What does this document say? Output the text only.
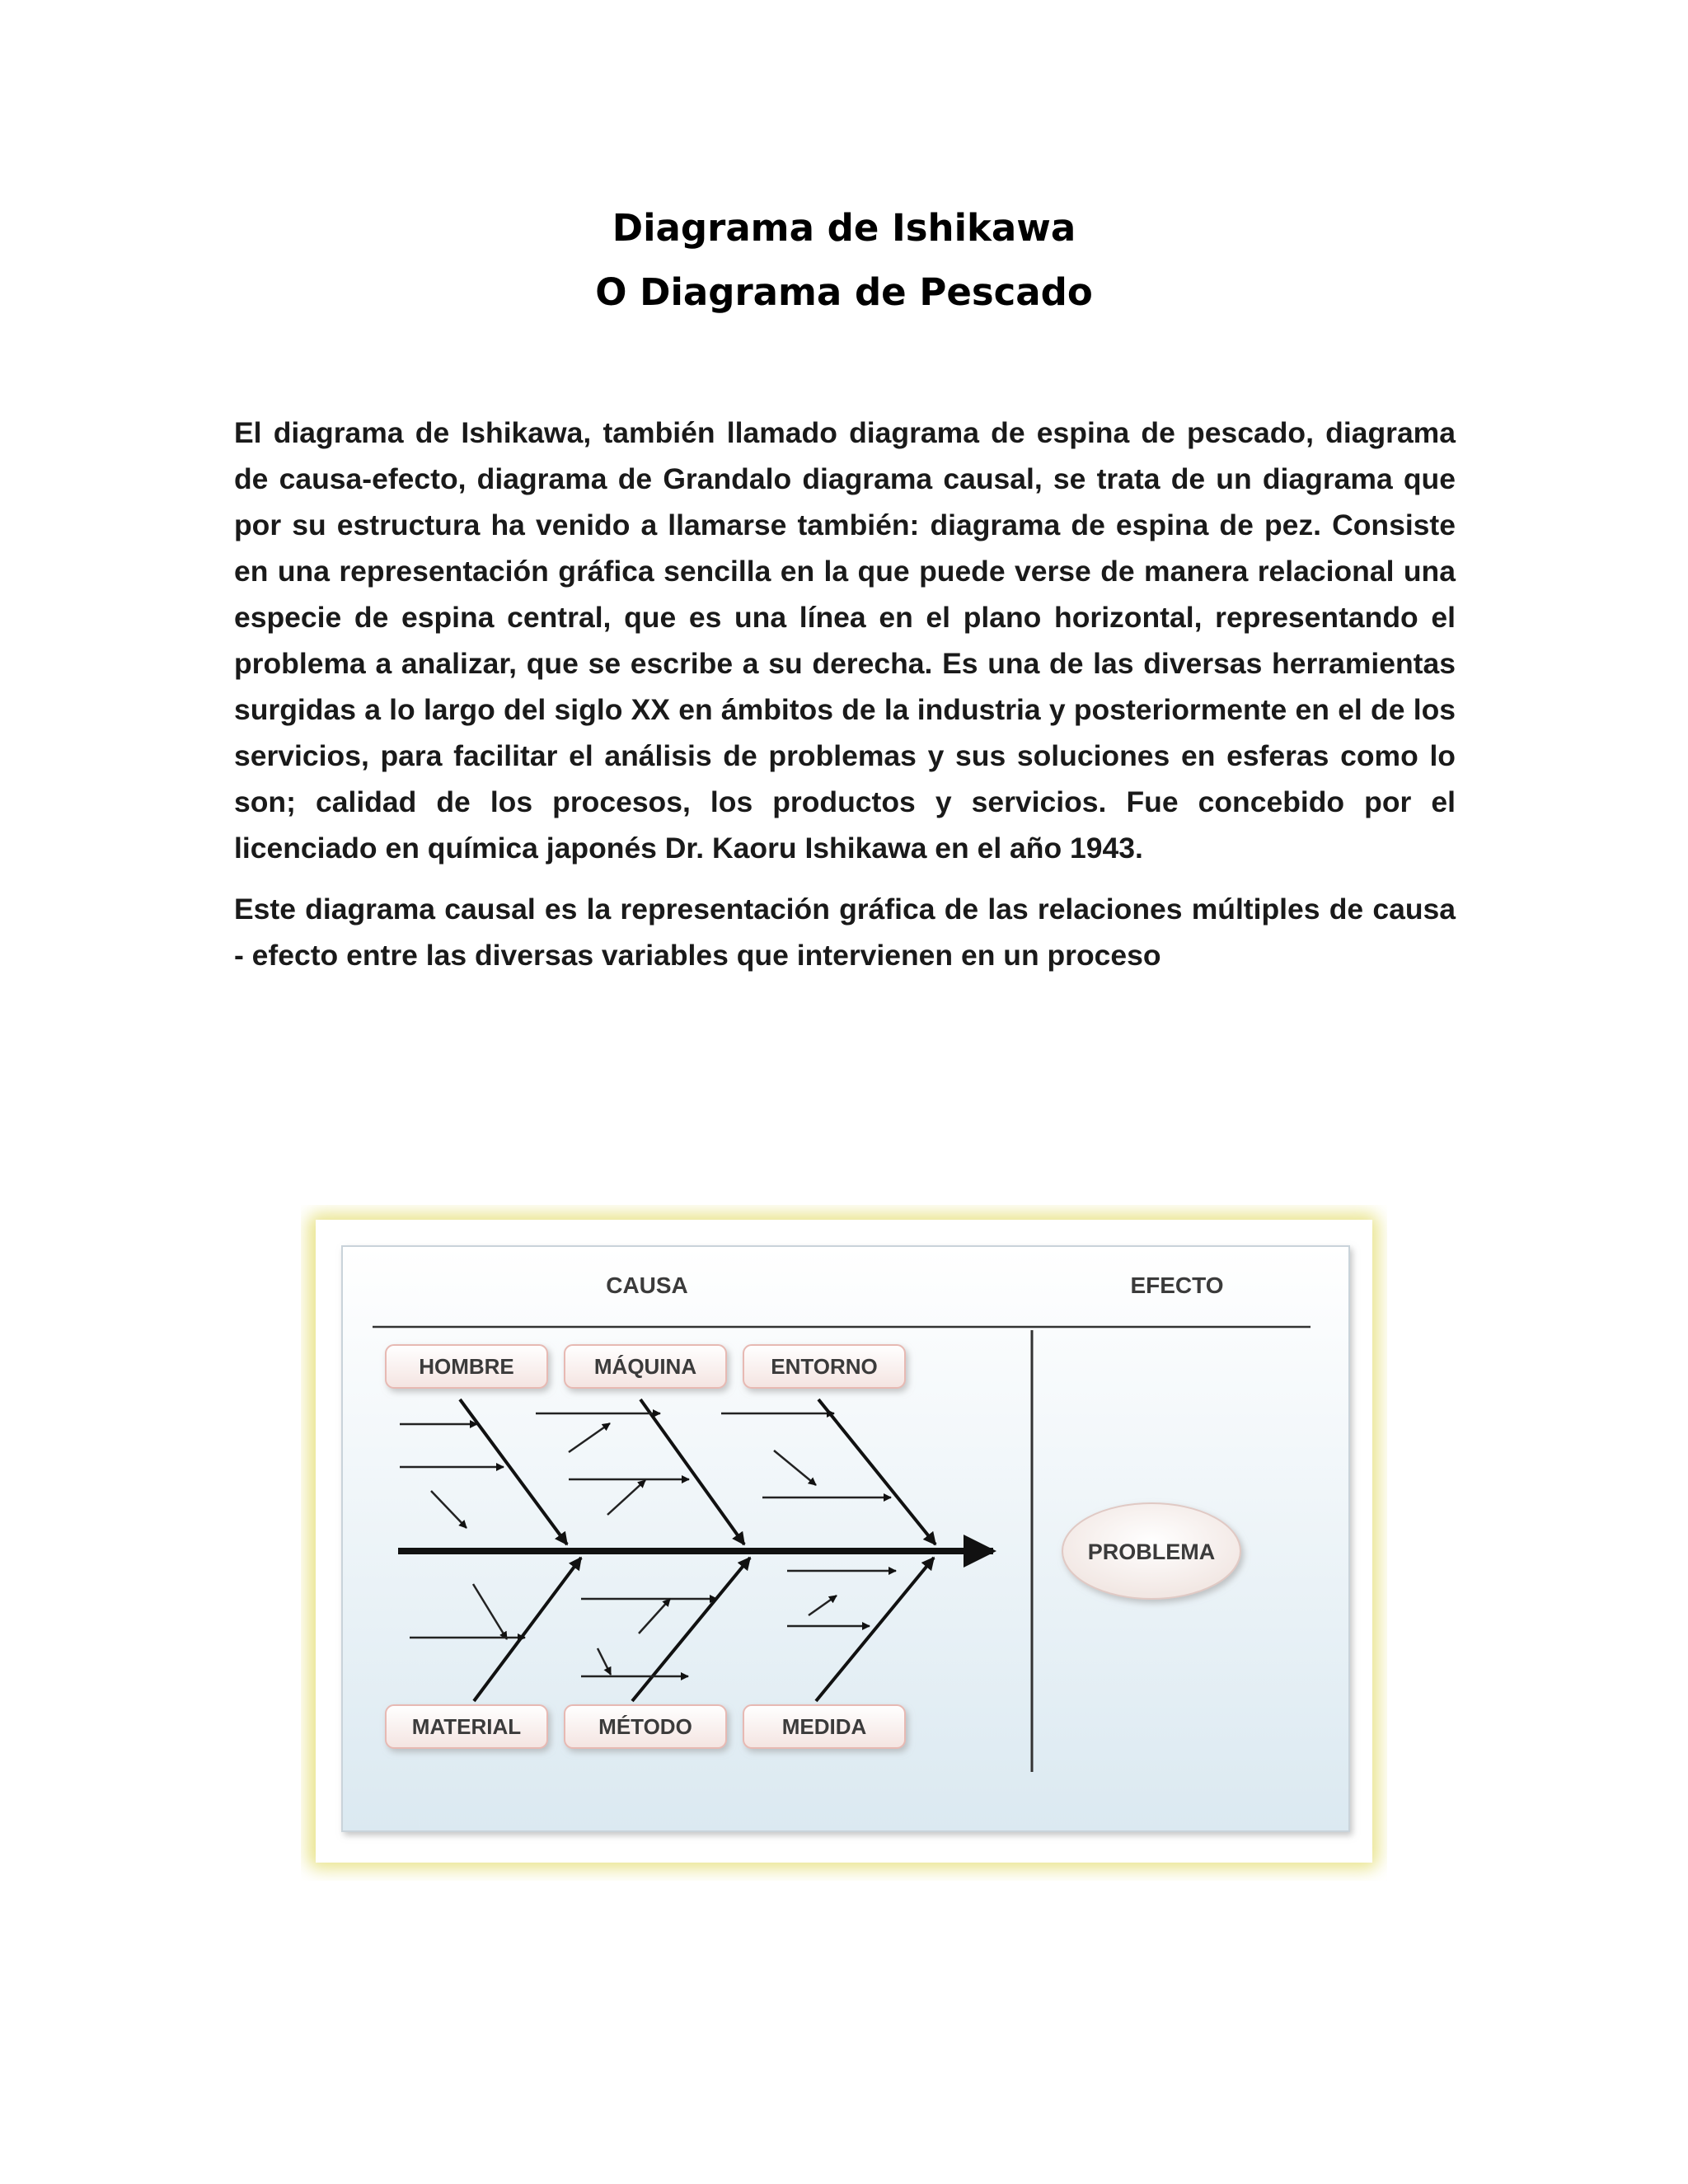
Diagrama de Ishikawa
O Diagrama de Pescado

El diagrama de Ishikawa, también llamado diagrama de espina de pescado, diagrama de causa-efecto, diagrama de Grandalo diagrama causal, se trata de un diagrama que por su estructura ha venido a llamarse también: diagrama de espina de pez. Consiste en una representación gráfica sencilla en la que puede verse de manera relacional una especie de espina central, que es una línea en el plano horizontal, representando el problema a analizar, que se escribe a su derecha. Es una de las diversas herramientas surgidas a lo largo del siglo XX en ámbitos de la industria y posteriormente en el de los servicios, para facilitar el análisis de problemas y sus soluciones en esferas como lo son; calidad de los procesos, los productos y servicios. Fue concebido por el licenciado en química japonés Dr. Kaoru Ishikawa en el año 1943.

Este diagrama causal es la representación gráfica de las relaciones múltiples de causa - efecto entre las diversas variables que intervienen en un proceso

CAUSA	EFECTO
HOMBRE	MÁQUINA	ENTORNO
MATERIAL	MÉTODO	MEDIDA
PROBLEMA
